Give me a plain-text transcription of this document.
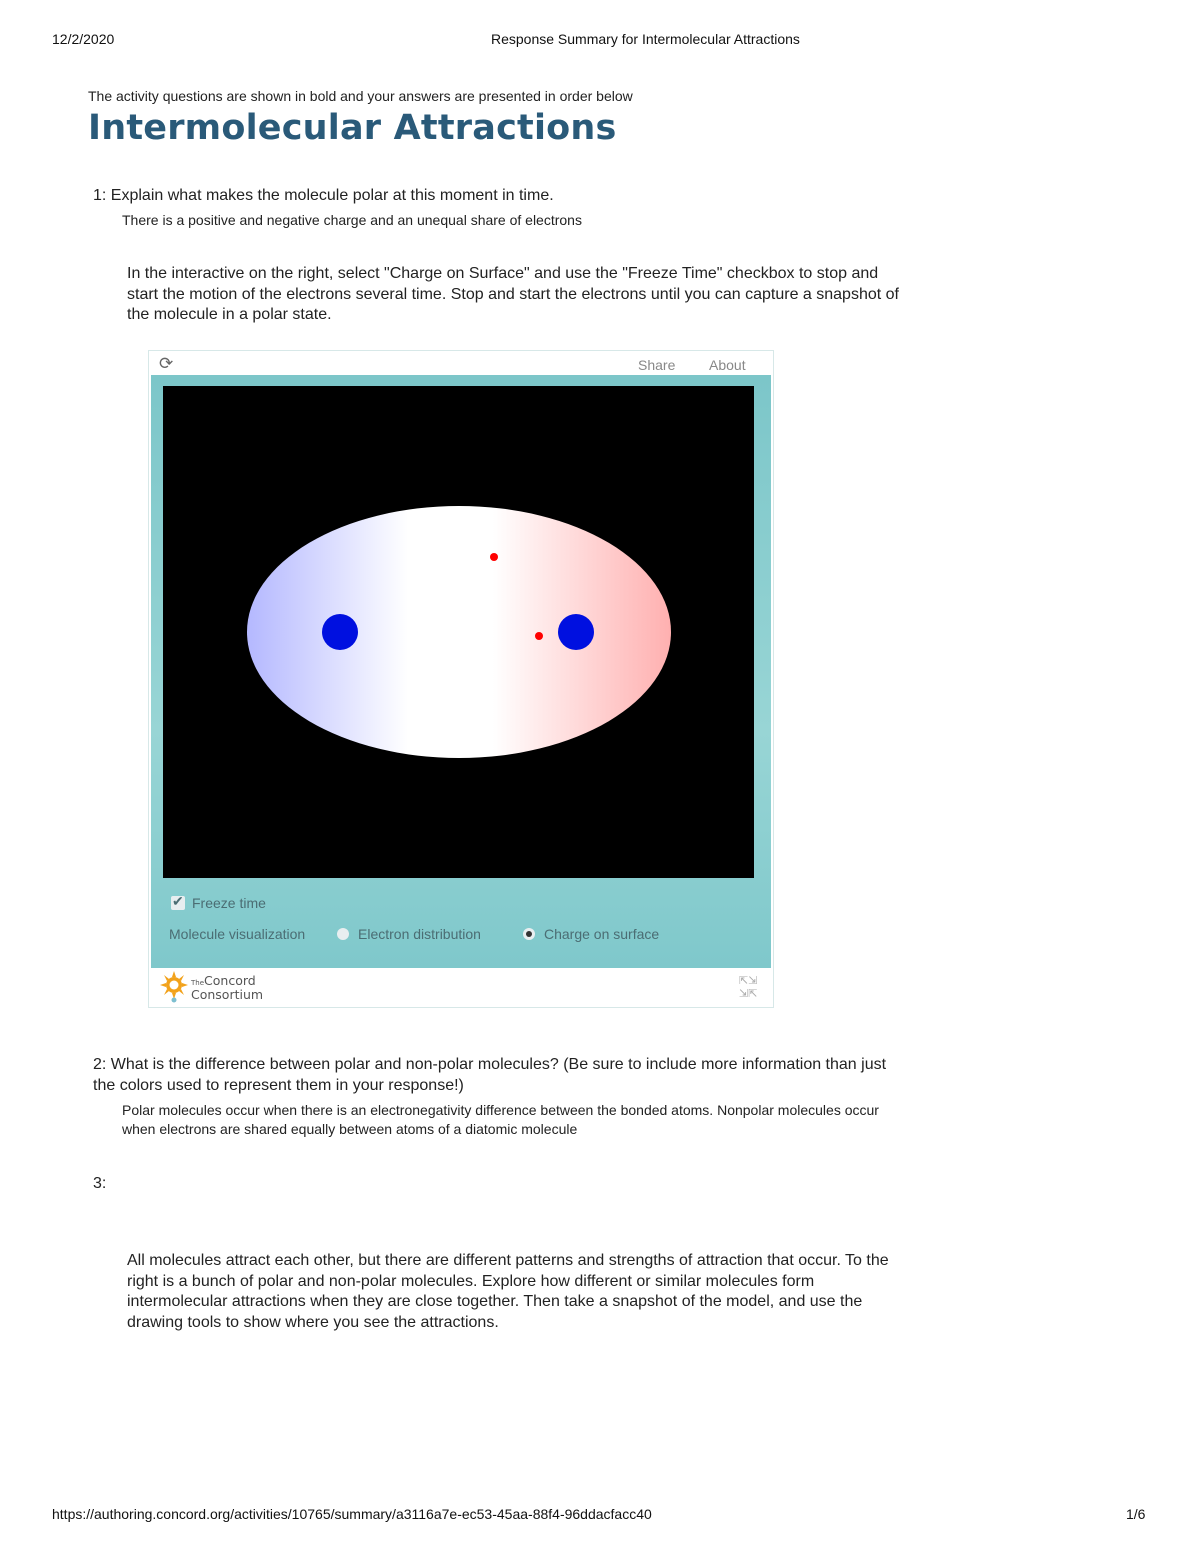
12/2/2020	Response Summary for Intermolecular Attractions
The activity questions are shown in bold and your answers are presented in order below
Intermolecular Attractions
1: Explain what makes the molecule polar at this moment in time.
There is a positive and negative charge and an unequal share of electrons
In the interactive on the right, select "Charge on Surface" and use the "Freeze Time" checkbox to stop and
start the motion of the electrons several time. Stop and start the electrons until you can capture a snapshot of
the molecule in a polar state.
⟳	Share About
✔
Freeze time
Molecule visualization	Electron distribution	Charge on surface
TheConcord
Consortium
⇱⇲
⇲⇱
2: What is the difference between polar and non-polar molecules? (Be sure to include more information than just
the colors used to represent them in your response!)
Polar molecules occur when there is an electronegativity difference between the bonded atoms. Nonpolar molecules occur
when electrons are shared equally between atoms of a diatomic molecule
3:
All molecules attract each other, but there are different patterns and strengths of attraction that occur. To the
right is a bunch of polar and non-polar molecules. Explore how different or similar molecules form
intermolecular attractions when they are close together. Then take a snapshot of the model, and use the
drawing tools to show where you see the attractions.
https://authoring.concord.org/activities/10765/summary/a3116a7e-ec53-45aa-88f4-96ddacfacc40	1/6
